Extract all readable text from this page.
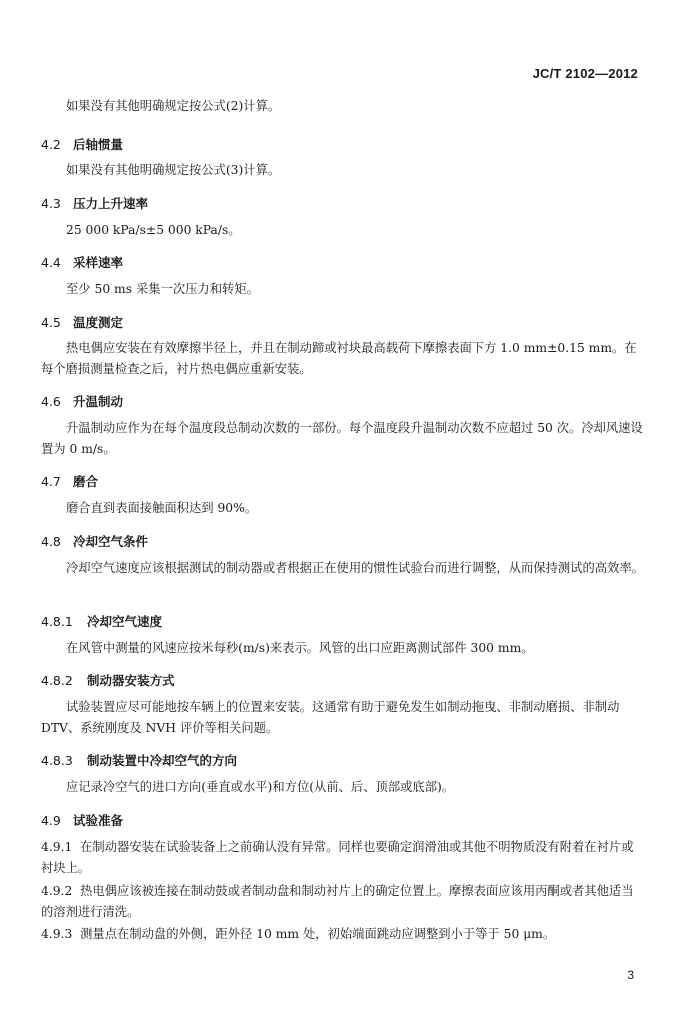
JC/T 2102—2012

如果没有其他明确规定按公式(2)计算。

4.2 后轴惯量

如果没有其他明确规定按公式(3)计算。

4.3 压力上升速率

25 000 kPa/s±5 000 kPa/s。

4.4 采样速率

至少 50 ms 采集一次压力和转矩。

4.5 温度测定

热电偶应安装在有效摩擦半径上，并且在制动蹄或衬块最高载荷下摩擦表面下方 1.0 mm±0.15 mm。在每个磨损测量检查之后，衬片热电偶应重新安装。

4.6 升温制动

升温制动应作为在每个温度段总制动次数的一部份。每个温度段升温制动次数不应超过 50 次。冷却风速设置为 0 m/s。

4.7 磨合

磨合直到表面接触面积达到 90%。

4.8 冷却空气条件

冷却空气速度应该根据测试的制动器或者根据正在使用的惯性试验台而进行调整，从而保持测试的高效率。

4.8.1 冷却空气速度

在风管中测量的风速应按米每秒(m/s)来表示。风管的出口应距离测试部件 300 mm。

4.8.2 制动器安装方式

试验装置应尽可能地按车辆上的位置来安装。这通常有助于避免发生如制动拖曳、非制动磨损、非制动 DTV、系统刚度及 NVH 评价等相关问题。

4.8.3 制动装置中冷却空气的方向

应记录冷空气的进口方向(垂直或水平)和方位(从前、后、顶部或底部)。

4.9 试验准备

4.9.1 在制动器安装在试验装备上之前确认没有异常。同样也要确定润滑油或其他不明物质没有附着在衬片或衬块上。

4.9.2 热电偶应该被连接在制动鼓或者制动盘和制动衬片上的确定位置上。摩擦表面应该用丙酮或者其他适当的溶剂进行清洗。

4.9.3 测量点在制动盘的外侧，距外径 10 mm 处，初始端面跳动应调整到小于等于 50 μm。

3
